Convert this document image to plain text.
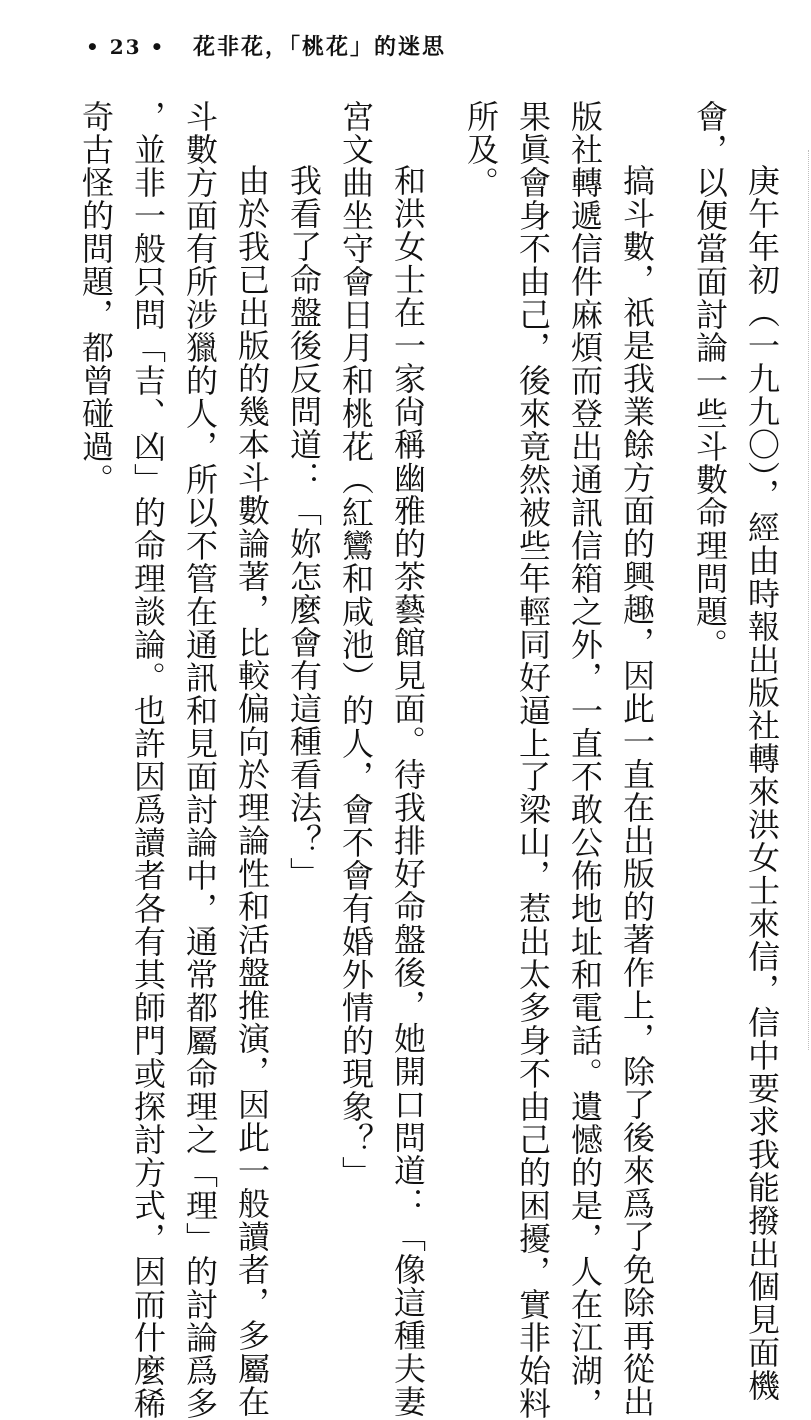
• 23 • 花非花，「桃花」的迷思
庚午年初（一九九〇），經由時報出版社轉來洪女士來信，信中要求我能撥出個見面機
會，以便當面討論一些斗數命理問題。
搞斗數，祇是我業餘方面的興趣，因此一直在出版的著作上，除了後來爲了免除再從出
版社轉遞信件麻煩而登出通訊信箱之外，一直不敢公佈地址和電話。遺憾的是，人在江湖，
果眞會身不由己，後來竟然被些年輕同好逼上了梁山，惹出太多身不由己的困擾，實非始料
所及。
和洪女士在一家尙稱幽雅的茶藝館見面。待我排好命盤後，她開口問道：「像這種夫妻
宮文曲坐守會日月和桃花（紅鸞和咸池）的人，會不會有婚外情的現象？」
我看了命盤後反問道：「妳怎麼會有這種看法？」
由於我已出版的幾本斗數論著，比較偏向於理論性和活盤推演，因此一般讀者，多屬在
斗數方面有所涉獵的人，所以不管在通訊和見面討論中，通常都屬命理之「理」的討論爲多
，並非一般只問「吉、凶」的命理談論。也許因爲讀者各有其師門或探討方式，因而什麼稀
奇古怪的問題，都曾碰過。
